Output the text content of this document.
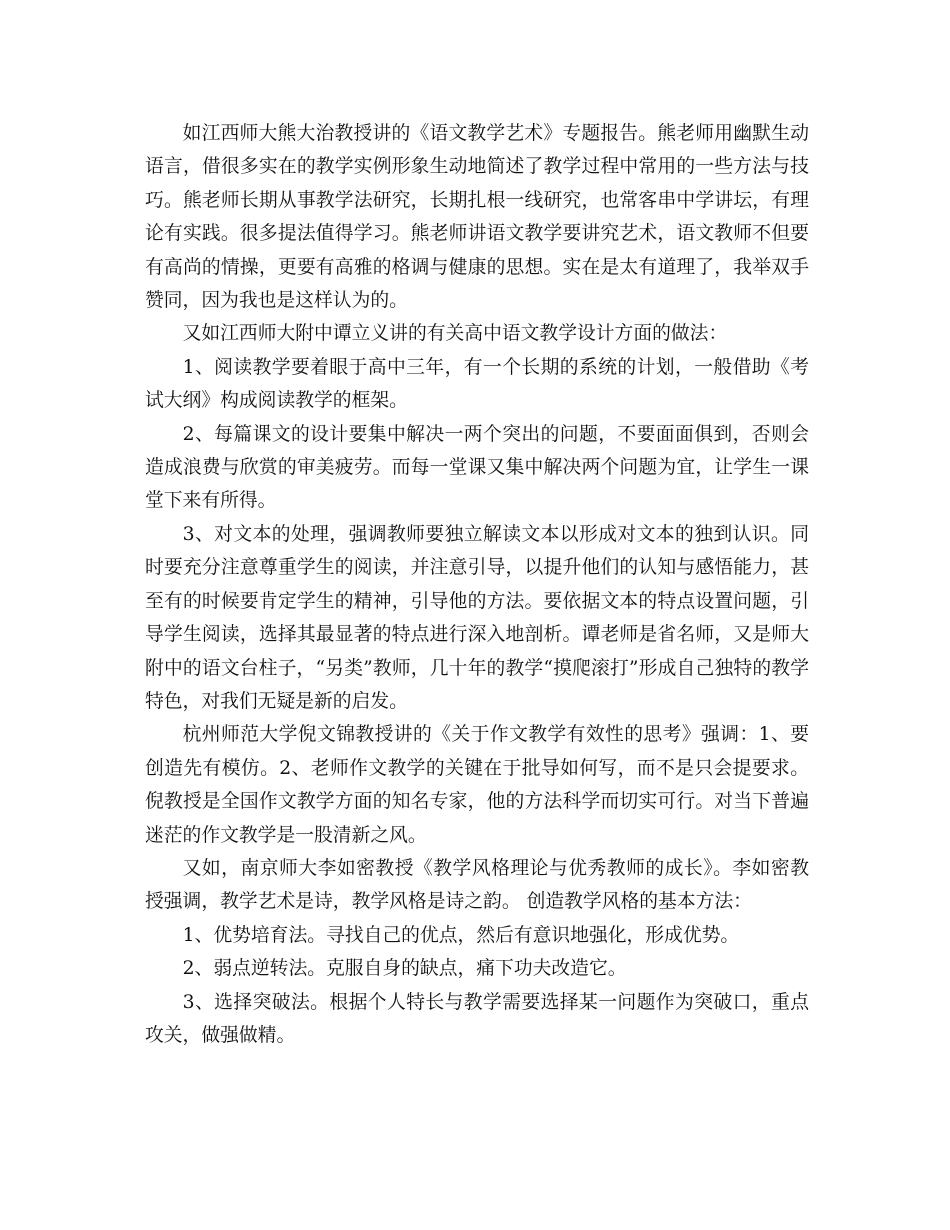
如江西师大熊大治教授讲的《语文教学艺术》专题报告。熊老师用幽默生动语言，借很多实在的教学实例形象生动地简述了教学过程中常用的一些方法与技巧。熊老师长期从事教学法研究，长期扎根一线研究，也常客串中学讲坛，有理论有实践。很多提法值得学习。熊老师讲语文教学要讲究艺术，语文教师不但要有高尚的情操，更要有高雅的格调与健康的思想。实在是太有道理了，我举双手赞同，因为我也是这样认为的。

又如江西师大附中谭立义讲的有关高中语文教学设计方面的做法：

1、阅读教学要着眼于高中三年，有一个长期的系统的计划，一般借助《考试大纲》构成阅读教学的框架。

2、每篇课文的设计要集中解决一两个突出的问题，不要面面俱到，否则会造成浪费与欣赏的审美疲劳。而每一堂课又集中解决两个问题为宜，让学生一课堂下来有所得。

3、对文本的处理，强调教师要独立解读文本以形成对文本的独到认识。同时要充分注意尊重学生的阅读，并注意引导，以提升他们的认知与感悟能力，甚至有的时候要肯定学生的精神，引导他的方法。要依据文本的特点设置问题，引导学生阅读，选择其最显著的特点进行深入地剖析。谭老师是省名师，又是师大附中的语文台柱子，“另类”教师，几十年的教学“摸爬滚打”形成自己独特的教学特色，对我们无疑是新的启发。

杭州师范大学倪文锦教授讲的《关于作文教学有效性的思考》强调：1、要创造先有模仿。2、老师作文教学的关键在于批导如何写，而不是只会提要求。倪教授是全国作文教学方面的知名专家，他的方法科学而切实可行。对当下普遍迷茫的作文教学是一股清新之风。

又如，南京师大李如密教授《教学风格理论与优秀教师的成长》。李如密教授强调，教学艺术是诗，教学风格是诗之韵。 创造教学风格的基本方法：

1、优势培育法。寻找自己的优点，然后有意识地强化，形成优势。

2、弱点逆转法。克服自身的缺点，痛下功夫改造它。

3、选择突破法。根据个人特长与教学需要选择某一问题作为突破口，重点攻关，做强做精。
